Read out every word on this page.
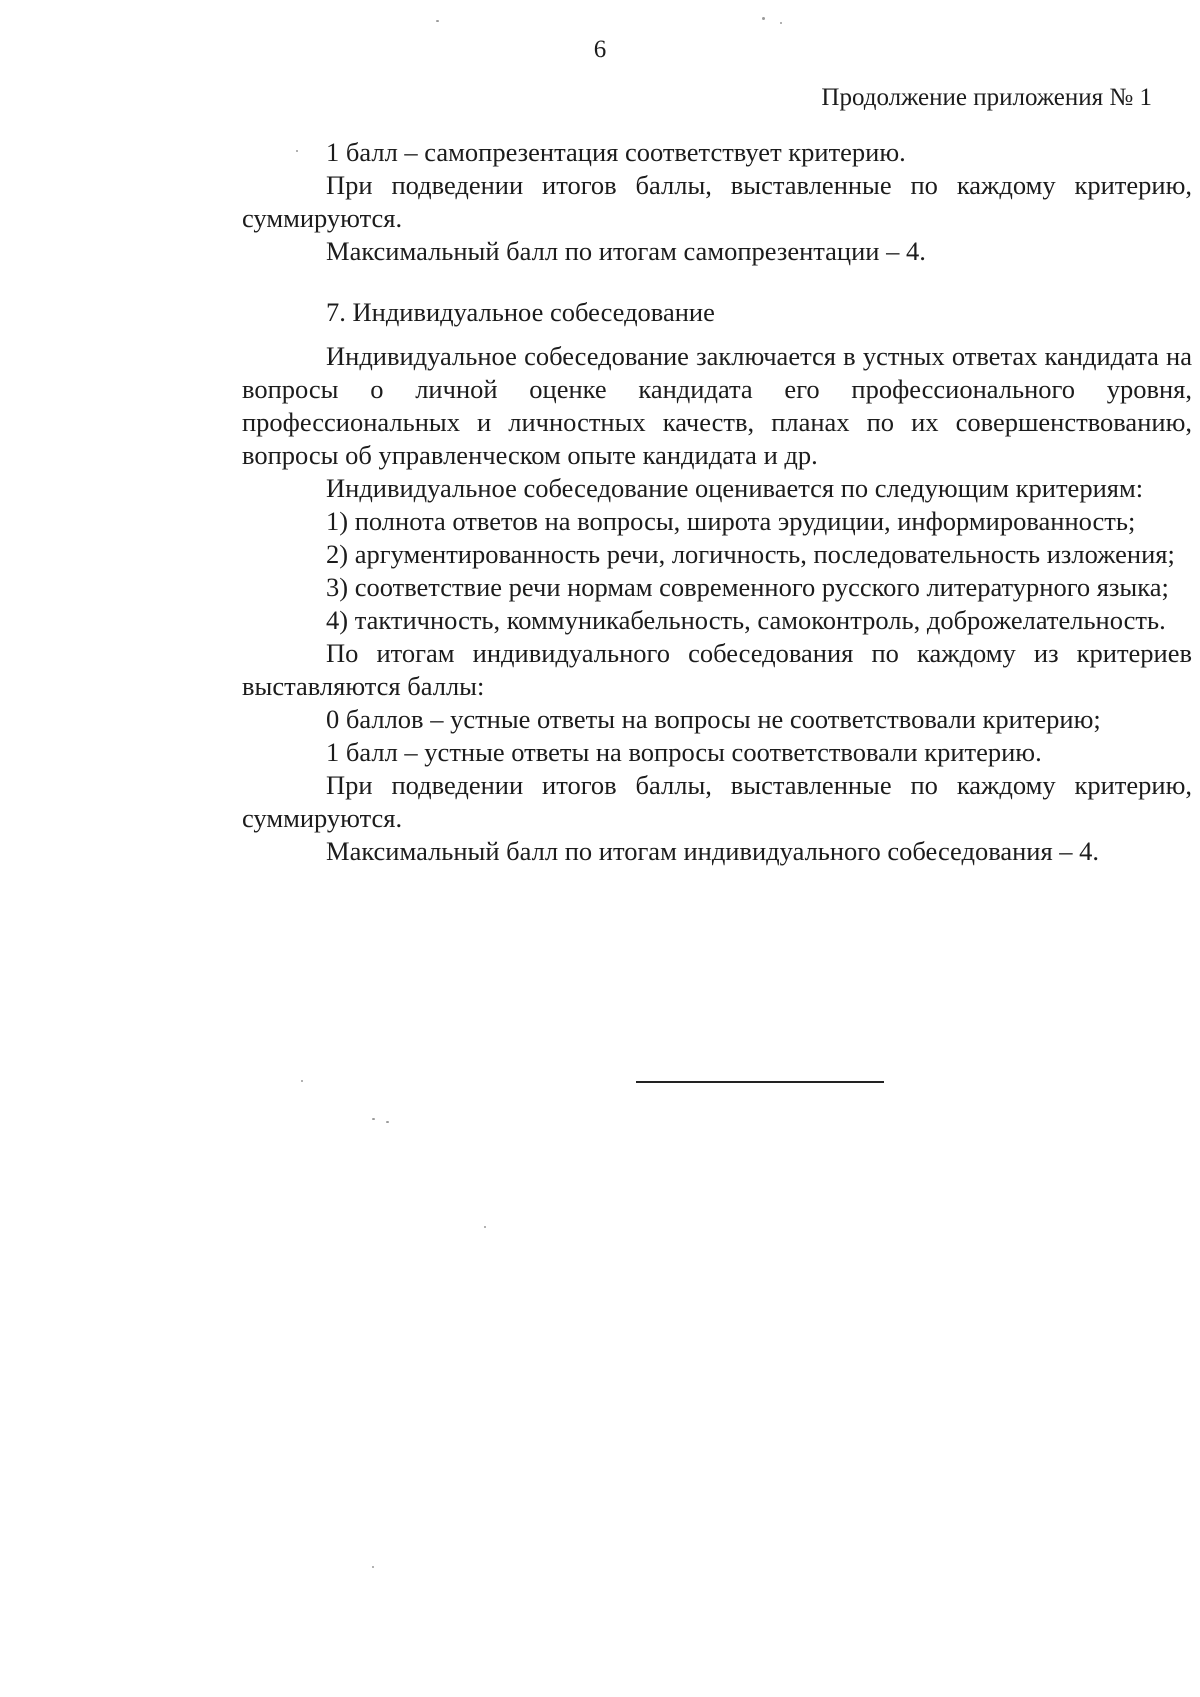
6
Продолжение приложения № 1

1 балл – самопрезентация соответствует критерию.

При подведении итогов баллы, выставленные по каждому критерию, суммируются.

Максимальный балл по итогам самопрезентации – 4.

7. Индивидуальное собеседование

Индивидуальное собеседование заключается в устных ответах кандидата на вопросы о личной оценке кандидата его профессионального уровня, профессиональных и личностных качеств, планах по их совершенствованию, вопросы об управленческом опыте кандидата и др.

Индивидуальное собеседование оценивается по следующим критериям:

1) полнота ответов на вопросы, широта эрудиции, информированность;

2) аргументированность речи, логичность, последовательность изложения;

3) соответствие речи нормам современного русского литературного языка;

4) тактичность, коммуникабельность, самоконтроль, доброжелательность.

По итогам индивидуального собеседования по каждому из критериев выставляются баллы:

0 баллов – устные ответы на вопросы не соответствовали критерию;

1 балл – устные ответы на вопросы соответствовали критерию.

При подведении итогов баллы, выставленные по каждому критерию, суммируются.

Максимальный балл по итогам индивидуального собеседования – 4.
